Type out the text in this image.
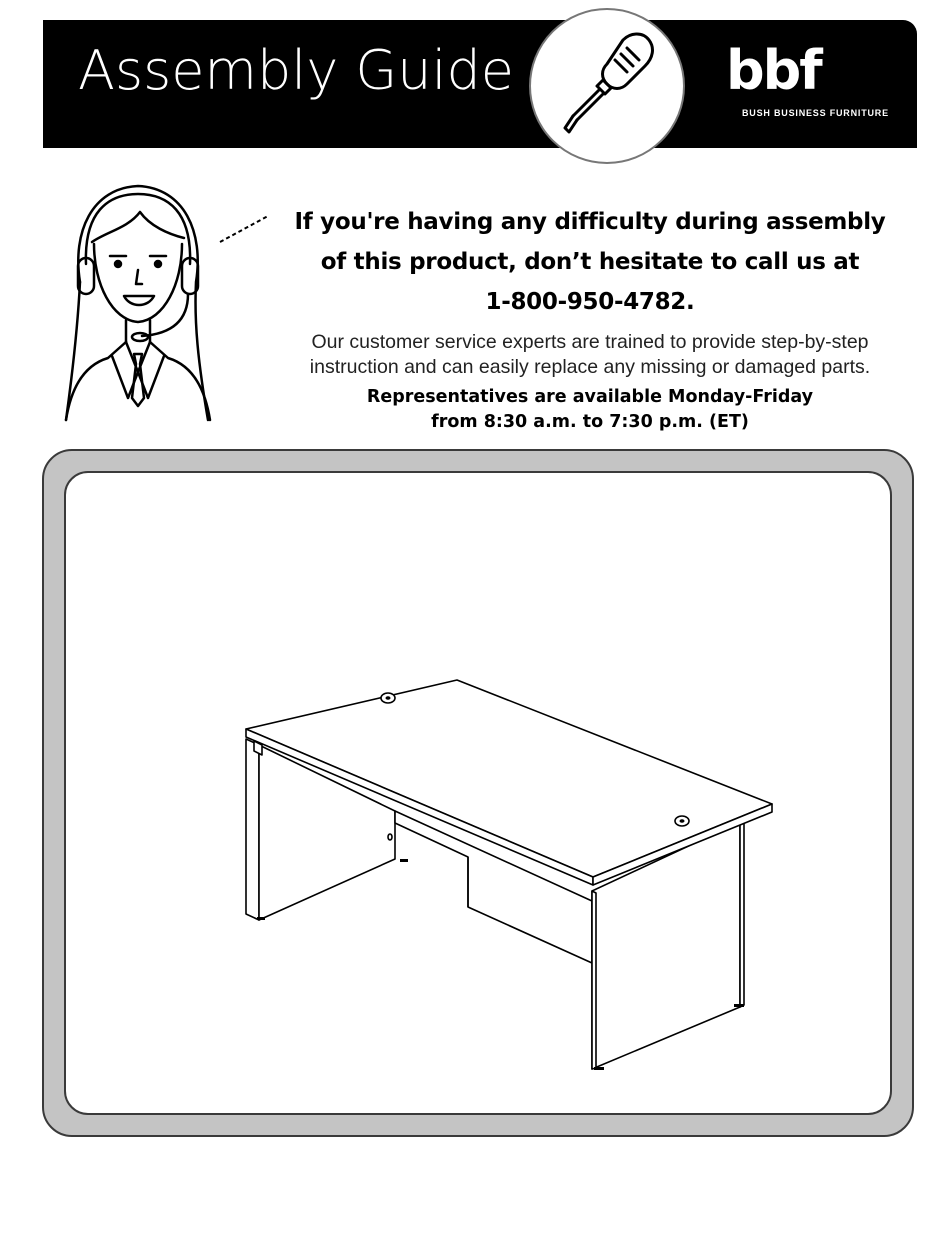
Assembly Guide	bbf
BUSH BUSINESS FURNITURE
If you're having any difficulty during assembly
of this product, don’t hesitate to call us at
1-800-950-4782.
Our customer service experts are trained to provide step-by-step
instruction and can easily replace any missing or damaged parts.
Representatives are available Monday-Friday
from 8:30 a.m. to 7:30 p.m. (ET)
